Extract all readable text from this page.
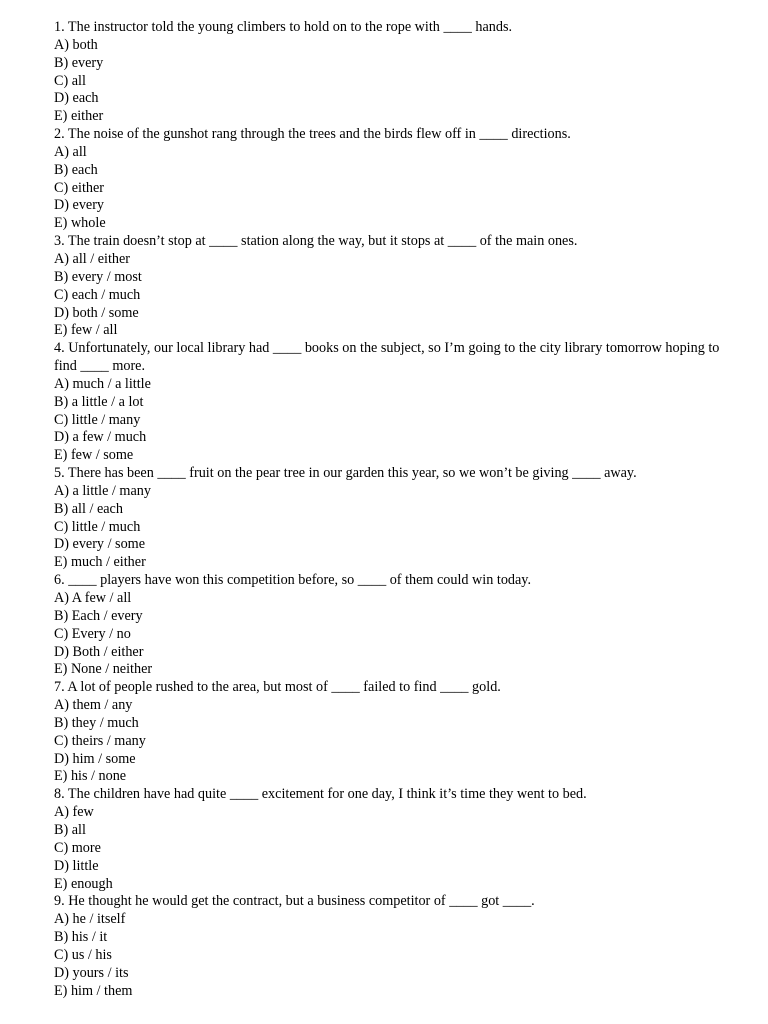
1. The instructor told the young climbers to hold on to the rope with ____ hands.
A) both
B) every
C) all
D) each
E) either
2. The noise of the gunshot rang through the trees and the birds flew off in ____ directions.
A) all
B) each
C) either
D) every
E) whole
3. The train doesn’t stop at ____ station along the way, but it stops at ____ of the main ones.
A) all / either
B) every / most
C) each / much
D) both / some
E) few / all
4. Unfortunately, our local library had ____ books on the subject, so I’m going to the city library tomorrow hoping to find ____ more.
A) much / a little
B) a little / a lot
C) little / many
D) a few / much
E) few / some
5. There has been ____ fruit on the pear tree in our garden this year, so we won’t be giving ____ away.
A) a little / many
B) all / each
C) little / much
D) every / some
E) much / either
6. ____ players have won this competition before, so ____ of them could win today.
A) A few / all
B) Each / every
C) Every / no
D) Both / either
E) None / neither
7. A lot of people rushed to the area, but most of ____ failed to find ____ gold.
A) them / any
B) they / much
C) theirs / many
D) him / some
E) his / none
8. The children have had quite ____ excitement for one day, I think it’s time they went to bed.
A) few
B) all
C) more
D) little
E) enough
9. He thought he would get the contract, but a business competitor of ____ got ____.
A) he / itself
B) his / it
C) us / his
D) yours / its
E) him / them
